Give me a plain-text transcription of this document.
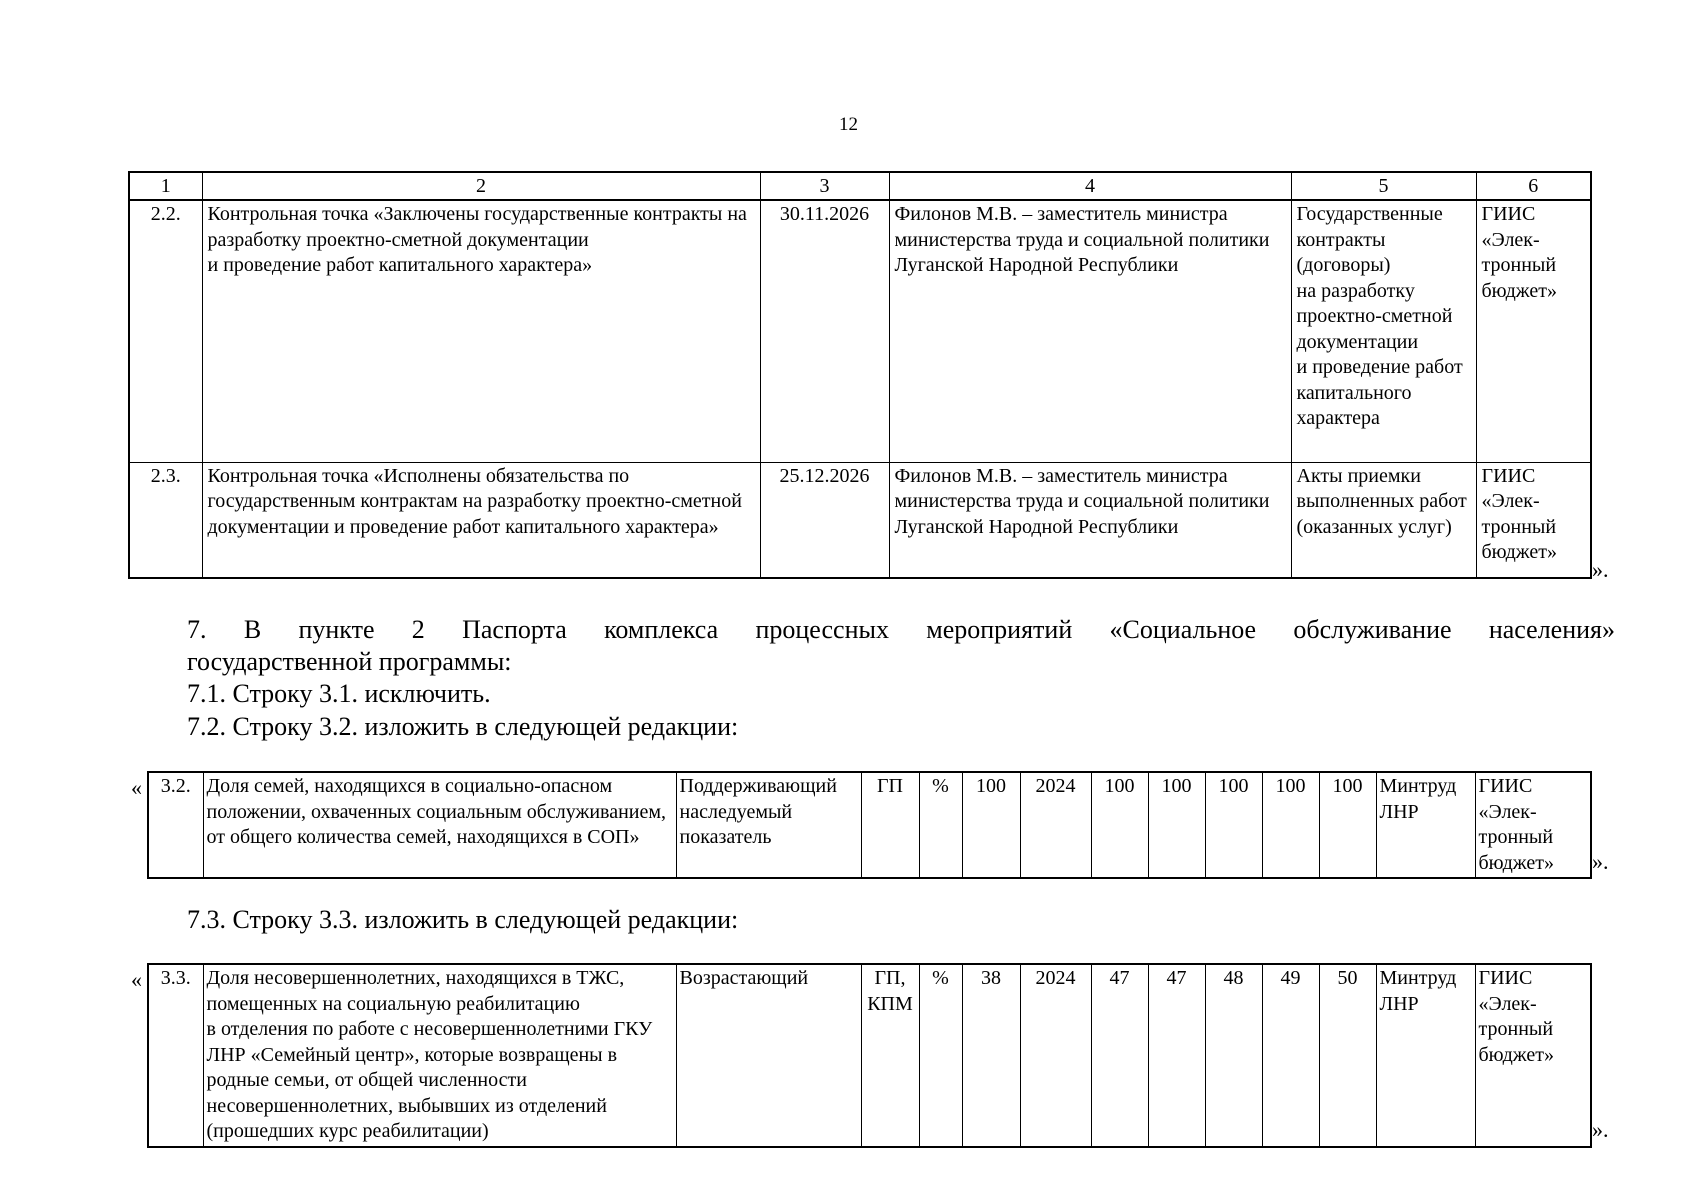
12
1	2	3	4	5	6
2.2.	Контрольная точка «Заключены государственные контракты на разработку проектно-сметной документации
и проведение работ капитального характера»	30.11.2026	Филонов М.В. – заместитель министра министерства труда и социальной политики Луганской Народной Республики	Государственные контракты (договоры)
на разработку проектно-сметной документации
и проведение работ капитального характера	ГИИС «Элек-тронный бюджет»
2.3.	Контрольная точка «Исполнены обязательства по государственным контрактам на разработку проектно-сметной документации и проведение работ капитального характера»	25.12.2026	Филонов М.В. – заместитель министра министерства труда и социальной политики Луганской Народной Республики	Акты приемки выполненных работ (оказанных услуг)	ГИИС «Элек-тронный бюджет»
».
7. В пункте 2 Паспорта комплекса процессных мероприятий «Социальное обслуживание населения»
государственной программы:
7.1. Строку 3.1. исключить.
7.2. Строку 3.2. изложить в следующей редакции:
« 3.2.	Доля семей, находящихся в социально-опасном положении, охваченных социальным обслуживанием, от общего количества семей, находящихся в СОП»	Поддерживающий наследуемый показатель	ГП	%	100	2024	100	100	100	100	100	Минтруд ЛНР	ГИИС «Элек-тронный бюджет» ».
7.3. Строку 3.3. изложить в следующей редакции:
« 3.3.	Доля несовершеннолетних, находящихся в ТЖС, помещенных на социальную реабилитацию
в отделения по работе с несовершеннолетними ГКУ ЛНР «Семейный центр», которые возвращены в родные семьи, от общей численности несовершеннолетних, выбывших из отделений (прошедших курс реабилитации)	Возрастающий	ГП, КПМ	%	38	2024	47	47	48	49	50	Минтруд ЛНР	ГИИС «Элек-тронный бюджет»
».
